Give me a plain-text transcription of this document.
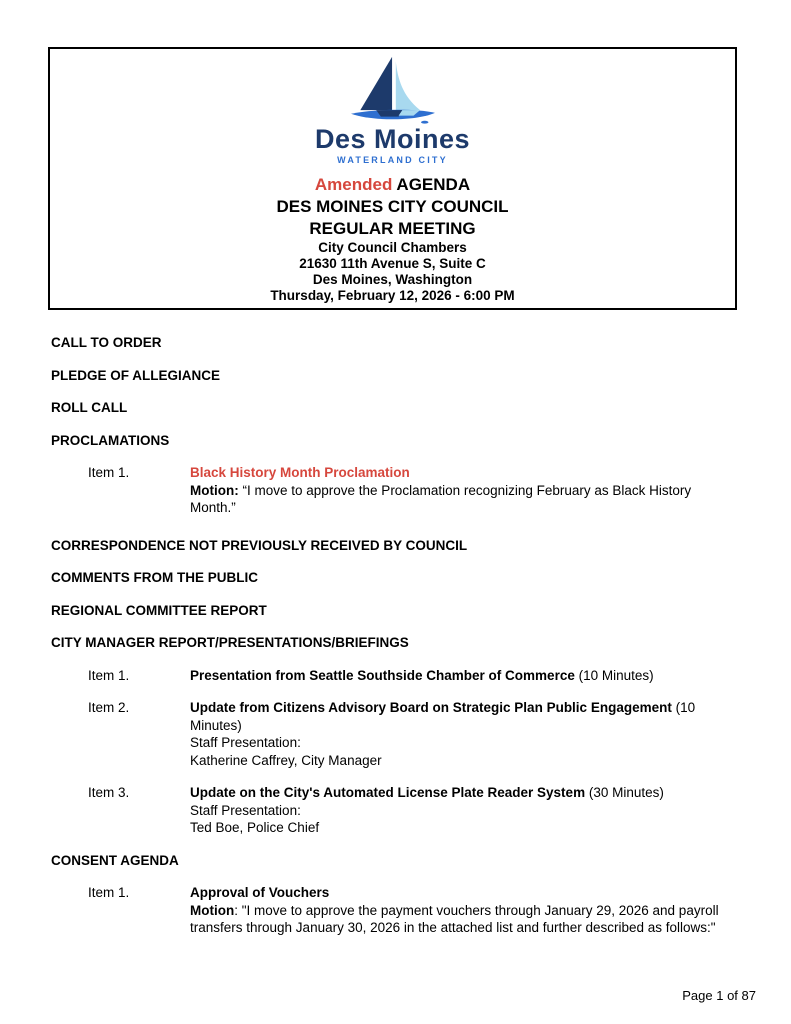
Des Moines
WATERLAND CITY
Amended AGENDA
DES MOINES CITY COUNCIL
REGULAR MEETING
City Council Chambers
21630 11th Avenue S, Suite C
Des Moines, Washington
Thursday, February 12, 2026 - 6:00 PM
CALL TO ORDER
PLEDGE OF ALLEGIANCE
ROLL CALL
PROCLAMATIONS
Item 1.	Black History Month Proclamation
Motion: “I move to approve the Proclamation recognizing February as Black History Month.”
CORRESPONDENCE NOT PREVIOUSLY RECEIVED BY COUNCIL
COMMENTS FROM THE PUBLIC
REGIONAL COMMITTEE REPORT
CITY MANAGER REPORT/PRESENTATIONS/BRIEFINGS
Item 1.	Presentation from Seattle Southside Chamber of Commerce (10 Minutes)
Item 2.	Update from Citizens Advisory Board on Strategic Plan Public Engagement (10 Minutes)
Staff Presentation:
Katherine Caffrey, City Manager
Item 3.	Update on the City's Automated License Plate Reader System (30 Minutes)
Staff Presentation:
Ted Boe, Police Chief
CONSENT AGENDA
Item 1.	Approval of Vouchers
Motion: "I move to approve the payment vouchers through January 29, 2026 and payroll transfers through January 30, 2026 in the attached list and further described as follows:"
Page 1 of 87
